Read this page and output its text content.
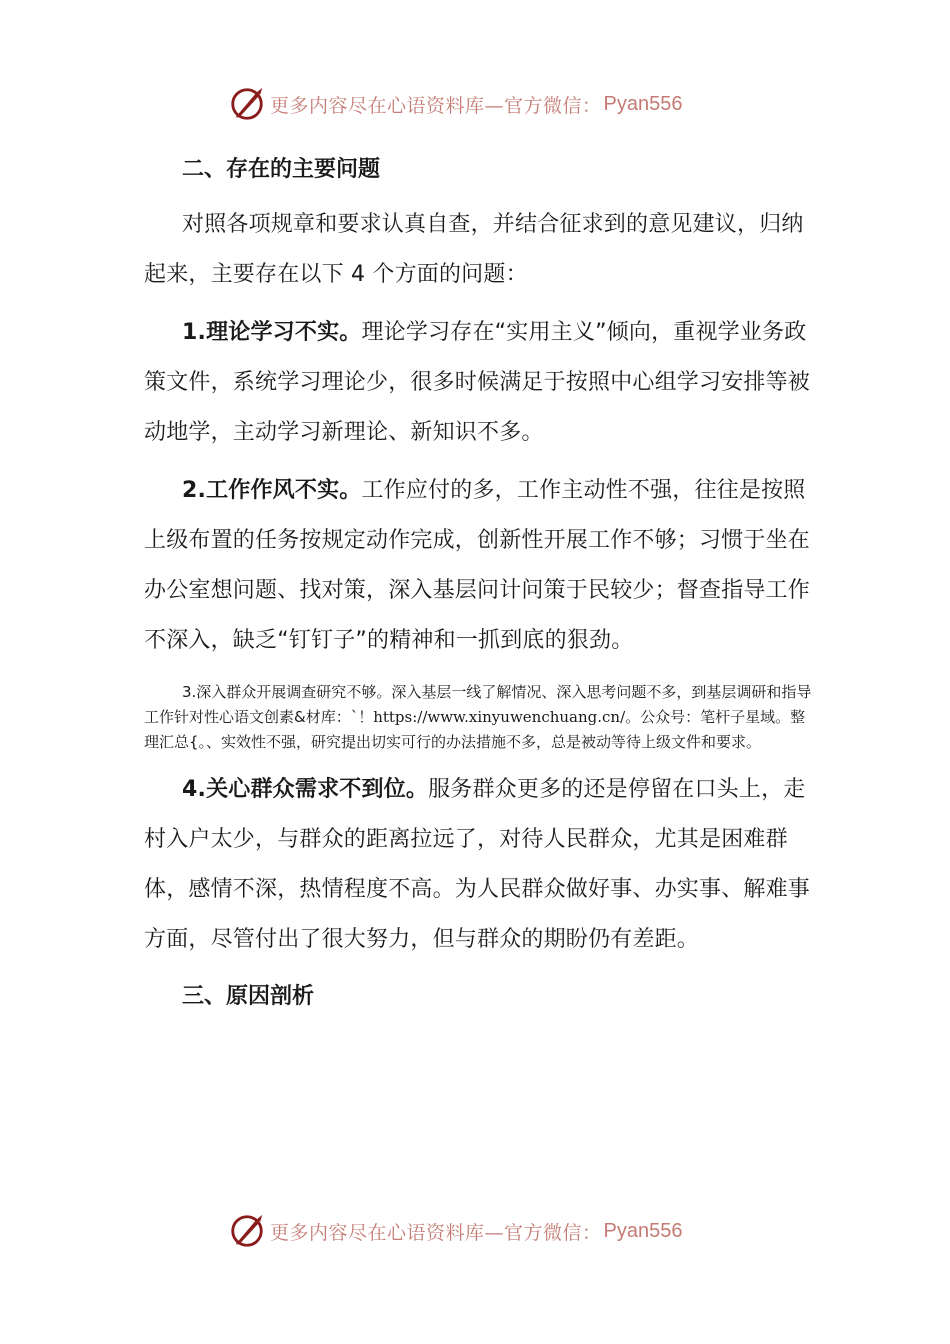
更多内容尽在心语资料库—官方微信： Pyan556

二、存在的主要问题

对照各项规章和要求认真自查，并结合征求到的意见建议，归纳起来，主要存在以下 4 个方面的问题：

1.理论学习不实。理论学习存在“实用主义”倾向，重视学业务政策文件，系统学习理论少，很多时候满足于按照中心组学习安排等被动地学，主动学习新理论、新知识不多。

2.工作作风不实。工作应付的多，工作主动性不强，往往是按照上级布置的任务按规定动作完成，创新性开展工作不够；习惯于坐在办公室想问题、找对策，深入基层问计问策于民较少；督查指导工作不深入，缺乏“钉钉子”的精神和一抓到底的狠劲。

3.深入群众开展调查研究不够。深入基层一线了解情况、深入思考问题不多，到基层调研和指导工作针对性心语文创素&材库：`！https://www.xinyuwenchuang.cn/。公众号：笔杆子星域。整理汇总{。、实效性不强，研究提出切实可行的办法措施不多，总是被动等待上级文件和要求。

4.关心群众需求不到位。服务群众更多的还是停留在口头上，走村入户太少，与群众的距离拉远了，对待人民群众，尤其是困难群体，感情不深，热情程度不高。为人民群众做好事、办实事、解难事方面，尽管付出了很大努力，但与群众的期盼仍有差距。

三、原因剖析

更多内容尽在心语资料库—官方微信： Pyan556
